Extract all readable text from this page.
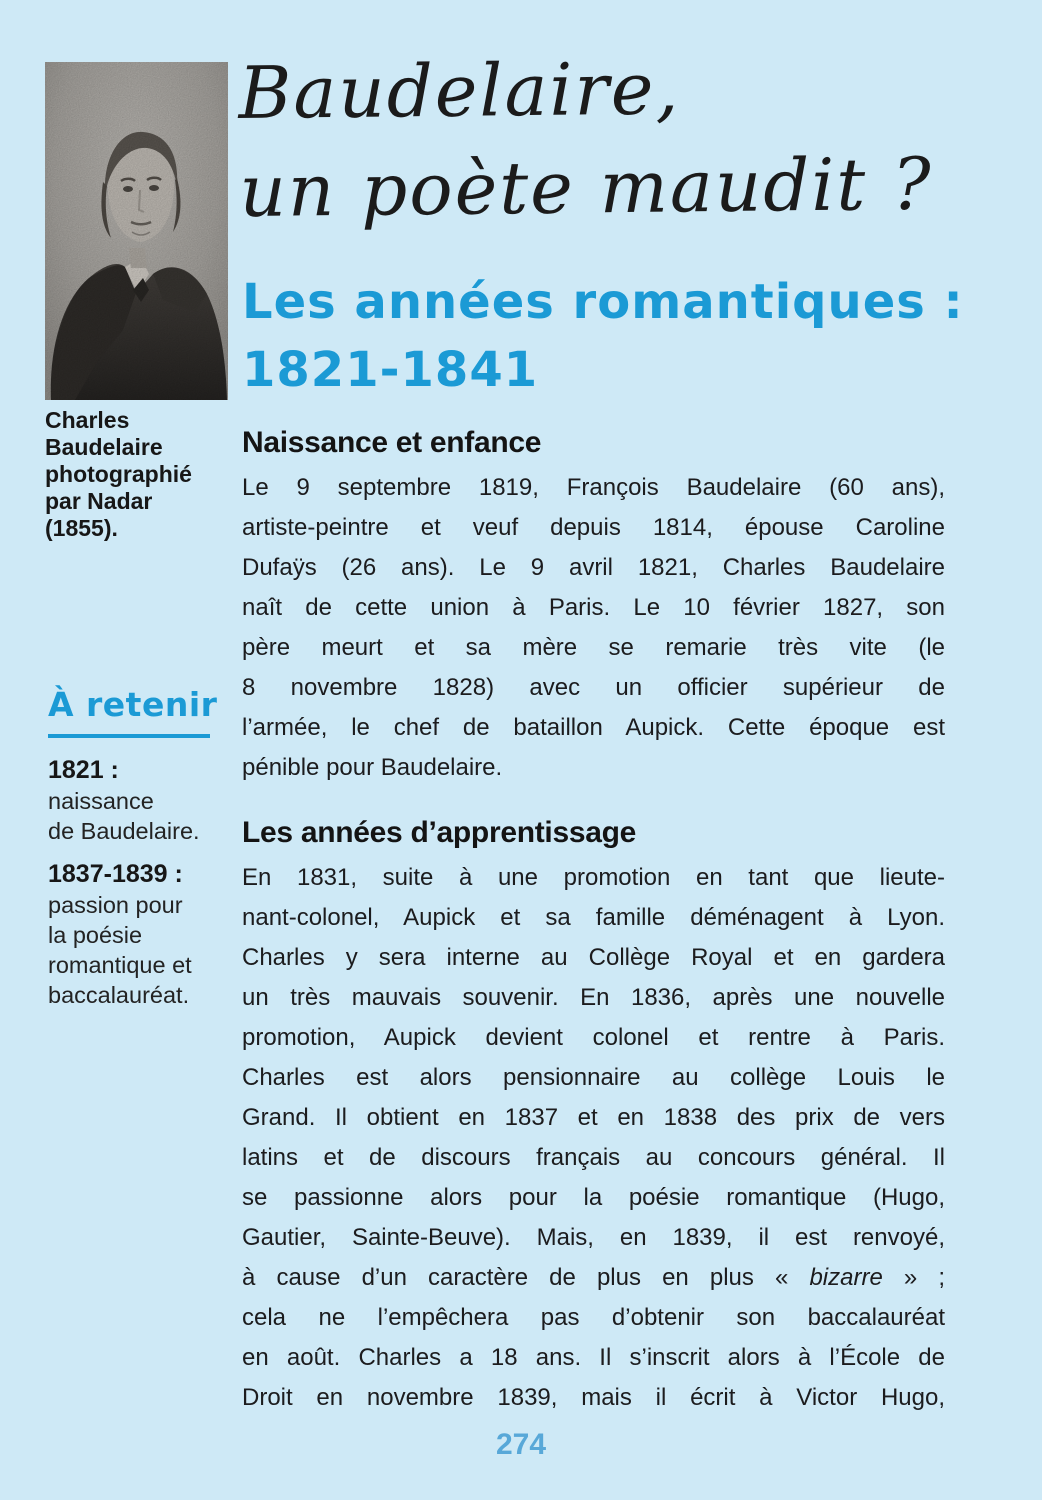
Charles
Baudelaire
photographié
par Nadar
(1855).
À retenir
1821 :
naissance
de Baudelaire.
1837-1839 :
passion pour
la poésie
romantique et
baccalauréat.
Baudelaire,
un poète maudit ?
Les années romantiques :
1821-1841
Naissance et enfance
Le 9 septembre 1819, François Baudelaire (60 ans),
artiste-peintre et veuf depuis 1814, épouse Caroline
Dufaÿs (26 ans). Le 9 avril 1821, Charles Baudelaire
naît de cette union à Paris. Le 10 février 1827, son
père meurt et sa mère se remarie très vite (le
8 novembre 1828) avec un officier supérieur de
l’armée, le chef de bataillon Aupick. Cette époque est
pénible pour Baudelaire.
Les années d’apprentissage
En 1831, suite à une promotion en tant que lieute-
nant-colonel, Aupick et sa famille déménagent à Lyon.
Charles y sera interne au Collège Royal et en gardera
un très mauvais souvenir. En 1836, après une nouvelle
promotion, Aupick devient colonel et rentre à Paris.
Charles est alors pensionnaire au collège Louis le
Grand. Il obtient en 1837 et en 1838 des prix de vers
latins et de discours français au concours général. Il
se passionne alors pour la poésie romantique (Hugo,
Gautier, Sainte-Beuve). Mais, en 1839, il est renvoyé,
à cause d’un caractère de plus en plus « bizarre » ;
cela ne l’empêchera pas d’obtenir son baccalauréat
en août. Charles a 18 ans. Il s’inscrit alors à l’École de
Droit en novembre 1839, mais il écrit à Victor Hugo,
274
